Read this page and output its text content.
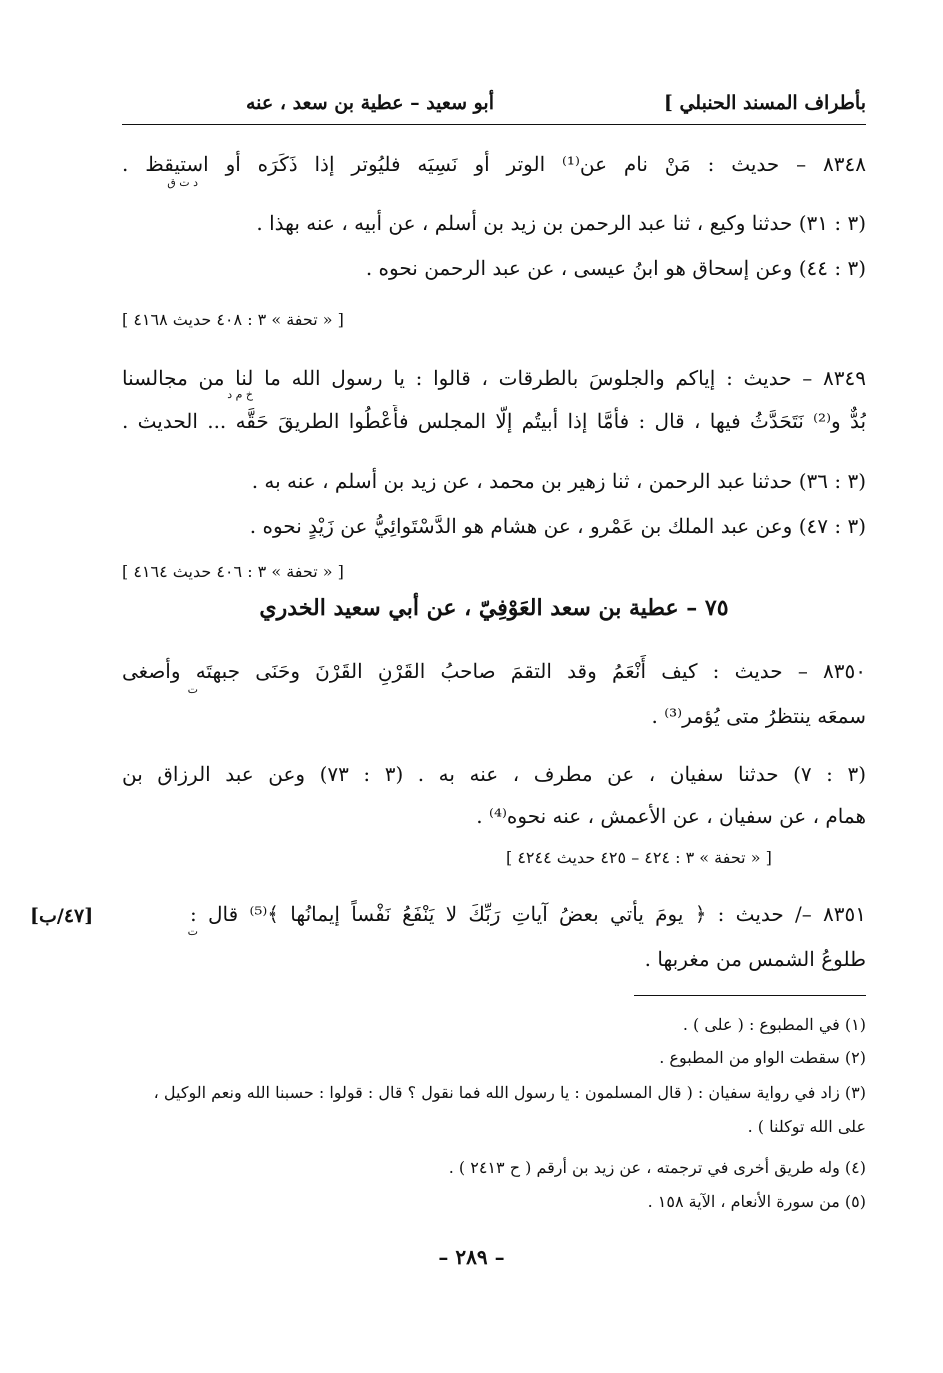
بأطراف المسند الحنبلي ]
أبو سعيد – عطية بن سعد ، عنه
٨٣٤٨ – حديث : مَنْ نام عن⁽¹⁾ الوتر أو نَسِيَه فليُوتر إذا ذَكَرَه أو استيقظ .
د ت ق
(٣ : ٣١) حدثنا وكيع ، ثنا عبد الرحمن بن زيد بن أسلم ، عن أبيه ، عنه بهذا .
(٣ : ٤٤) وعن إسحاق هو ابنُ عيسى ، عن عبد الرحمن نحوه .
[ « تحفة » ٣ : ٤٠٨ حديث ٤١٦٨ ]
٨٣٤٩ – حديث : إياكم والجلوسَ بالطرقات ، قالوا : يا رسول الله ما لنا من مجالسنا
خ م د
بُدٌّ و⁽²⁾ نَتَحَدَّثُ فيها ، قال : فأمَّا إذا أبيتُم إلّا المجلس فأَعْطُوا الطريقَ حَقَّه ... الحديث .
(٣ : ٣٦) حدثنا عبد الرحمن ، ثنا زهير بن محمد ، عن زيد بن أسلم ، عنه به .
(٣ : ٤٧) وعن عبد الملك بن عَمْرو ، عن هشام هو الدَّسْتَوائِيُّ عن زَيْدٍ نحوه .
[ « تحفة » ٣ : ٤٠٦ حديث ٤١٦٤ ]
٧٥ – عطية بن سعد العَوْفِيّ ، عن أبي سعيد الخدري
٨٣٥٠ – حديث : كيف أَنْعَمُ وقد التقمَ صاحبُ القَرْنِ القَرْنَ وحَنَى جبهتَه وأصغى
ت
سمعَه ينتظرُ متى يُؤمر⁽³⁾ .
(٣ : ٧) حدثنا سفيان ، عن مطرف ، عنه به . (٣ : ٧٣) وعن عبد الرزاق بن
همام ، عن سفيان ، عن الأعمش ، عنه نحوه⁽⁴⁾ .
[ « تحفة » ٣ : ٤٢٤ – ٤٢٥ حديث ٤٢٤٤ ]
٨٣٥١ –/ حديث : ﴿ يومَ يأتي بعضُ آياتِ رَبِّكَ لا يَنْفَعُ نَفْساً إيمانُها ﴾⁽⁵⁾ قال :
ت
طلوعُ الشمس من مغربها .
[٤٧/ب]
(١) في المطبوع : ( على ) .
(٢) سقطت الواو من المطبوع .
(٣) زاد في رواية سفيان : ( قال المسلمون : يا رسول الله فما نقول ؟ قال : قولوا : حسبنا الله ونعم الوكيل ،
على الله توكلنا ) .
(٤) وله طريق أخرى في ترجمته ، عن زيد بن أرقم ( ح ٢٤١٣ ) .
(٥) من سورة الأنعام ، الآية ١٥٨ .
– ٢٨٩ –
